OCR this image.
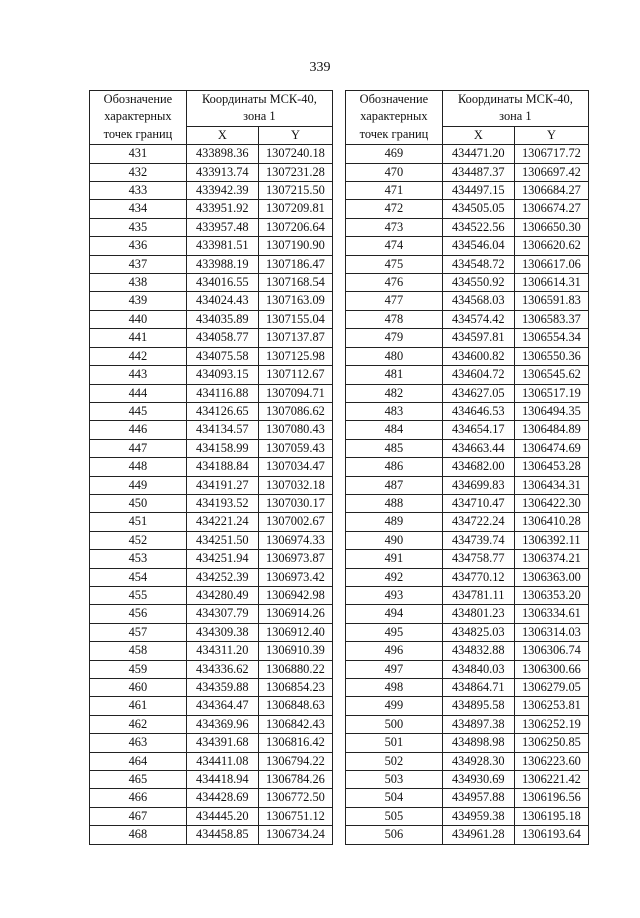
339
Обозначение
характерных
точек границ	Координаты МСК-40,
зона 1	
	X	Y
431	433898.36	1307240.18
432	433913.74	1307231.28
433	433942.39	1307215.50
434	433951.92	1307209.81
435	433957.48	1307206.64
436	433981.51	1307190.90
437	433988.19	1307186.47
438	434016.55	1307168.54
439	434024.43	1307163.09
440	434035.89	1307155.04
441	434058.77	1307137.87
442	434075.58	1307125.98
443	434093.15	1307112.67
444	434116.88	1307094.71
445	434126.65	1307086.62
446	434134.57	1307080.43
447	434158.99	1307059.43
448	434188.84	1307034.47
449	434191.27	1307032.18
450	434193.52	1307030.17
451	434221.24	1307002.67
452	434251.50	1306974.33
453	434251.94	1306973.87
454	434252.39	1306973.42
455	434280.49	1306942.98
456	434307.79	1306914.26
457	434309.38	1306912.40
458	434311.20	1306910.39
459	434336.62	1306880.22
460	434359.88	1306854.23
461	434364.47	1306848.63
462	434369.96	1306842.43
463	434391.68	1306816.42
464	434411.08	1306794.22
465	434418.94	1306784.26
466	434428.69	1306772.50
467	434445.20	1306751.12
468	434458.85	1306734.24
Обозначение
характерных
точек границ	Координаты МСК-40,
зона 1	
	X	Y
469	434471.20	1306717.72
470	434487.37	1306697.42
471	434497.15	1306684.27
472	434505.05	1306674.27
473	434522.56	1306650.30
474	434546.04	1306620.62
475	434548.72	1306617.06
476	434550.92	1306614.31
477	434568.03	1306591.83
478	434574.42	1306583.37
479	434597.81	1306554.34
480	434600.82	1306550.36
481	434604.72	1306545.62
482	434627.05	1306517.19
483	434646.53	1306494.35
484	434654.17	1306484.89
485	434663.44	1306474.69
486	434682.00	1306453.28
487	434699.83	1306434.31
488	434710.47	1306422.30
489	434722.24	1306410.28
490	434739.74	1306392.11
491	434758.77	1306374.21
492	434770.12	1306363.00
493	434781.11	1306353.20
494	434801.23	1306334.61
495	434825.03	1306314.03
496	434832.88	1306306.74
497	434840.03	1306300.66
498	434864.71	1306279.05
499	434895.58	1306253.81
500	434897.38	1306252.19
501	434898.98	1306250.85
502	434928.30	1306223.60
503	434930.69	1306221.42
504	434957.88	1306196.56
505	434959.38	1306195.18
506	434961.28	1306193.64
